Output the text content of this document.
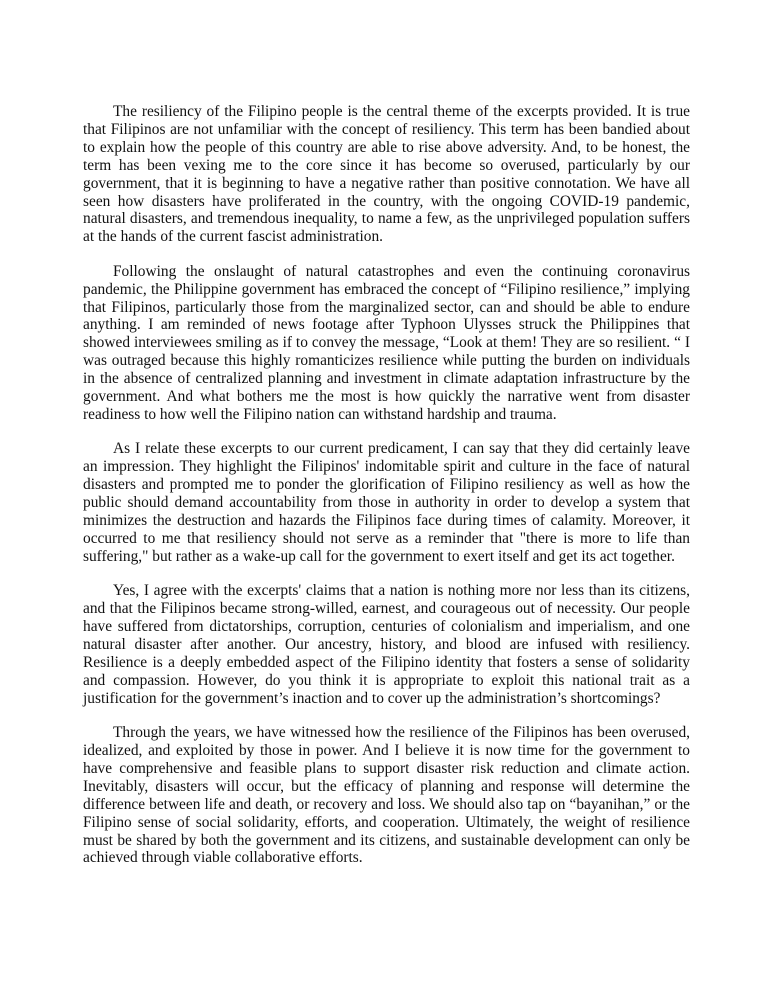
The resiliency of the Filipino people is the central theme of the excerpts provided. It is true that Filipinos are not unfamiliar with the concept of resiliency. This term has been bandied about to explain how the people of this country are able to rise above adversity. And, to be honest, the term has been vexing me to the core since it has become so overused, particularly by our government, that it is beginning to have a negative rather than positive connotation. We have all seen how disasters have proliferated in the country, with the ongoing COVID-19 pandemic, natural disasters, and tremendous inequality, to name a few, as the unprivileged population suffers at the hands of the current fascist administration.

Following the onslaught of natural catastrophes and even the continuing coronavirus pandemic, the Philippine government has embraced the concept of “Filipino resilience,” implying that Filipinos, particularly those from the marginalized sector, can and should be able to endure anything. I am reminded of news footage after Typhoon Ulysses struck the Philippines that showed interviewees smiling as if to convey the message, “Look at them! They are so resilient. “ I was outraged because this highly romanticizes resilience while putting the burden on individuals in the absence of centralized planning and investment in climate adaptation infrastructure by the government. And what bothers me the most is how quickly the narrative went from disaster readiness to how well the Filipino nation can withstand hardship and trauma.

As I relate these excerpts to our current predicament, I can say that they did certainly leave an impression. They highlight the Filipinos' indomitable spirit and culture in the face of natural disasters and prompted me to ponder the glorification of Filipino resiliency as well as how the public should demand accountability from those in authority in order to develop a system that minimizes the destruction and hazards the Filipinos face during times of calamity. Moreover, it occurred to me that resiliency should not serve as a reminder that "there is more to life than suffering," but rather as a wake-up call for the government to exert itself and get its act together.

Yes, I agree with the excerpts' claims that a nation is nothing more nor less than its citizens, and that the Filipinos became strong-willed, earnest, and courageous out of necessity. Our people have suffered from dictatorships, corruption, centuries of colonialism and imperialism, and one natural disaster after another. Our ancestry, history, and blood are infused with resiliency. Resilience is a deeply embedded aspect of the Filipino identity that fosters a sense of solidarity and compassion. However, do you think it is appropriate to exploit this national trait as a justification for the government’s inaction and to cover up the administration’s shortcomings?

Through the years, we have witnessed how the resilience of the Filipinos has been overused, idealized, and exploited by those in power. And I believe it is now time for the government to have comprehensive and feasible plans to support disaster risk reduction and climate action. Inevitably, disasters will occur, but the efficacy of planning and response will determine the difference between life and death, or recovery and loss. We should also tap on “bayanihan,” or the Filipino sense of social solidarity, efforts, and cooperation. Ultimately, the weight of resilience must be shared by both the government and its citizens, and sustainable development can only be achieved through viable collaborative efforts.
